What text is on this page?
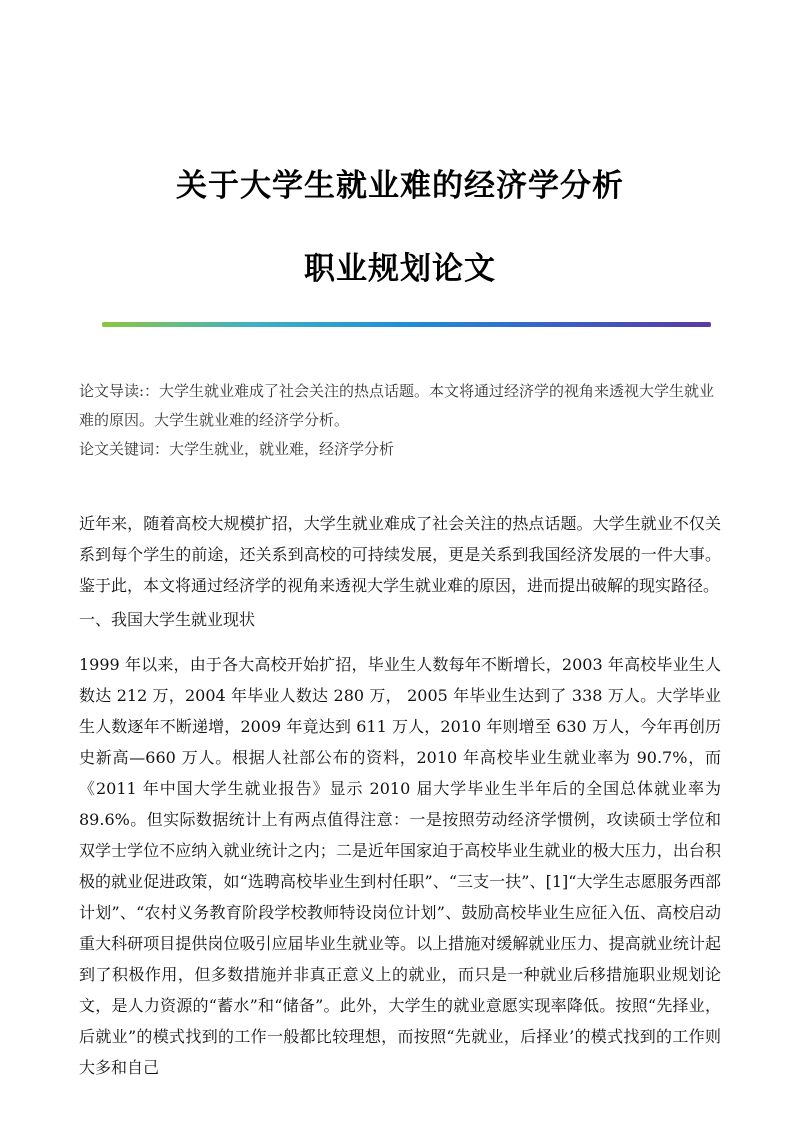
关于大学生就业难的经济学分析
职业规划论文

论文导读:：大学生就业难成了社会关注的热点话题。本文将通过经济学的视角来透视大学生就业难的原因。大学生就业难的经济学分析。

论文关键词：大学生就业，就业难，经济学分析

近年来，随着高校大规模扩招，大学生就业难成了社会关注的热点话题。大学生就业不仅关系到每个学生的前途，还关系到高校的可持续发展，更是关系到我国经济发展的一件大事。鉴于此，本文将通过经济学的视角来透视大学生就业难的原因，进而提出破解的现实路径。

一、我国大学生就业现状

1999 年以来，由于各大高校开始扩招，毕业生人数每年不断增长，2003 年高校毕业生人数达 212 万，2004 年毕业人数达 280 万， 2005 年毕业生达到了 338 万人。大学毕业生人数逐年不断递增，2009 年竟达到 611 万人，2010 年则增至 630 万人，今年再创历史新高—660 万人。根据人社部公布的资料，2010 年高校毕业生就业率为 90.7%，而《2011 年中国大学生就业报告》显示 2010 届大学毕业生半年后的全国总体就业率为 89.6%。但实际数据统计上有两点值得注意：一是按照劳动经济学惯例，攻读硕士学位和双学士学位不应纳入就业统计之内；二是近年国家迫于高校毕业生就业的极大压力，出台积极的就业促进政策，如“选聘高校毕业生到村任职”、“三支一扶”、[1]“大学生志愿服务西部计划”、“农村义务教育阶段学校教师特设岗位计划”、鼓励高校毕业生应征入伍、高校启动重大科研项目提供岗位吸引应届毕业生就业等。以上措施对缓解就业压力、提高就业统计起到了积极作用，但多数措施并非真正意义上的就业，而只是一种就业后移措施职业规划论文，是人力资源的“蓄水”和“储备”。此外，大学生的就业意愿实现率降低。按照“先择业，后就业”的模式找到的工作一般都比较理想，而按照“先就业，后择业’的模式找到的工作则大多和自己
